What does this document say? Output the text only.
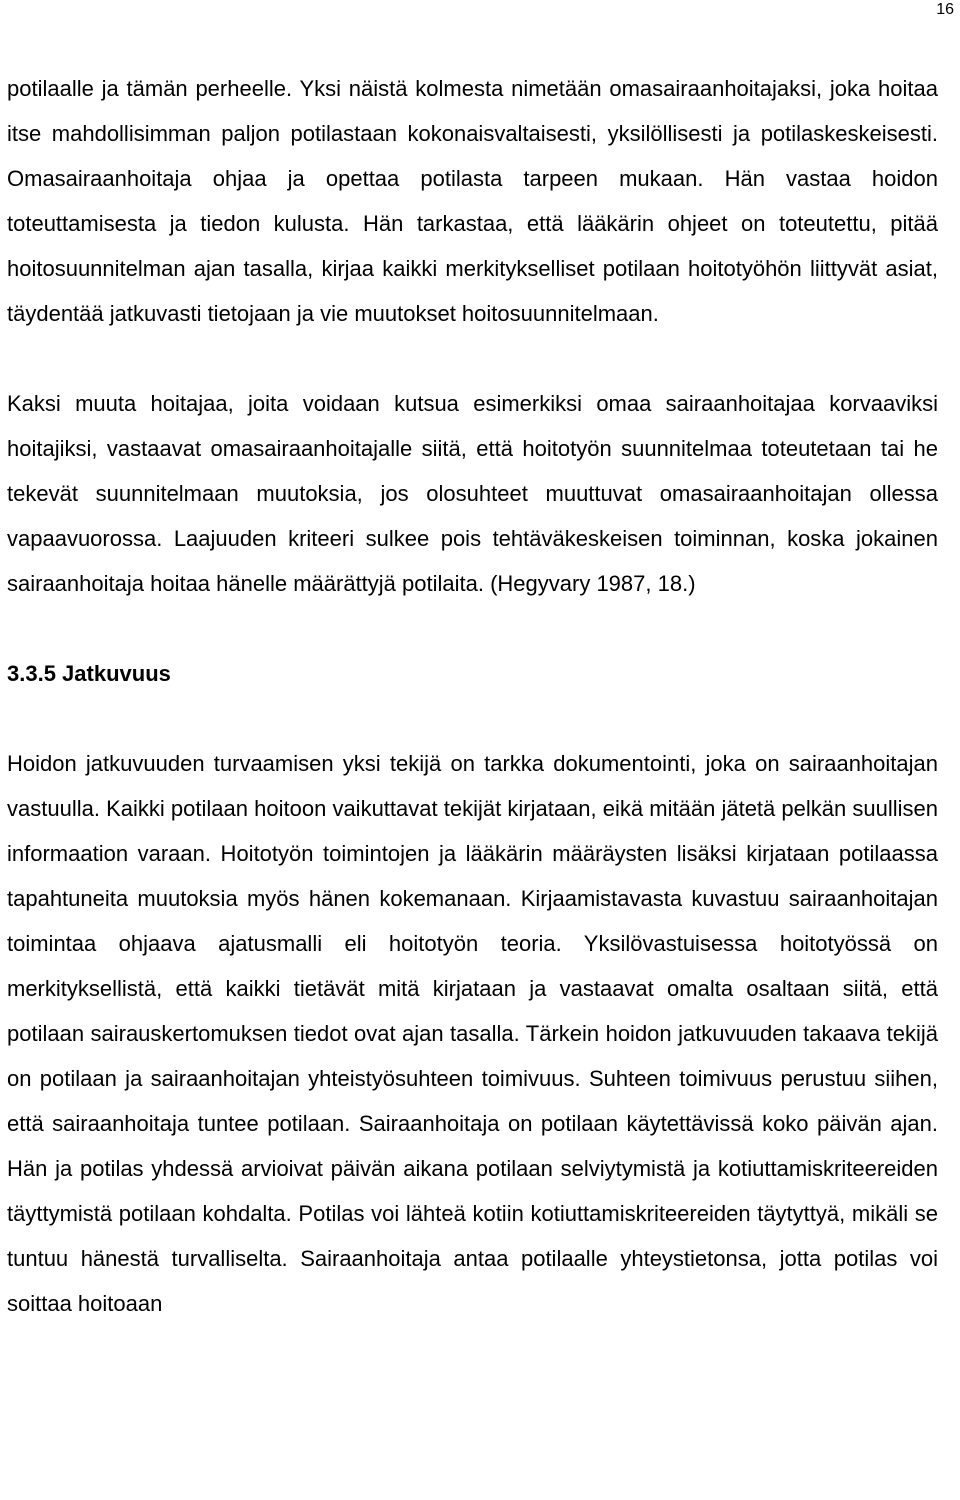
16

potilaalle ja tämän perheelle. Yksi näistä kolmesta nimetään omasairaanhoitajaksi, joka hoitaa itse mahdollisimman paljon potilastaan kokonaisvaltaisesti, yksilöllisesti ja potilaskeskeisesti. Omasairaanhoitaja ohjaa ja opettaa potilasta tarpeen mukaan. Hän vastaa hoidon toteuttamisesta ja tiedon kulusta. Hän tarkastaa, että lääkärin ohjeet on toteutettu, pitää hoitosuunnitelman ajan tasalla, kirjaa kaikki merkitykselliset potilaan hoitotyöhön liittyvät asiat, täydentää jatkuvasti tietojaan ja vie muutokset hoitosuunnitelmaan.

Kaksi muuta hoitajaa, joita voidaan kutsua esimerkiksi omaa sairaanhoitajaa korvaaviksi hoitajiksi, vastaavat omasairaanhoitajalle siitä, että hoitotyön suunnitelmaa toteutetaan tai he tekevät suunnitelmaan muutoksia, jos olosuhteet muuttuvat omasairaanhoitajan ollessa vapaavuorossa. Laajuuden kriteeri sulkee pois tehtäväkeskeisen toiminnan, koska jokainen sairaanhoitaja hoitaa hänelle määrättyjä potilaita. (Hegyvary 1987, 18.)

3.3.5 Jatkuvuus

Hoidon jatkuvuuden turvaamisen yksi tekijä on tarkka dokumentointi, joka on sairaanhoitajan vastuulla. Kaikki potilaan hoitoon vaikuttavat tekijät kirjataan, eikä mitään jätetä pelkän suullisen informaation varaan. Hoitotyön toimintojen ja lääkärin määräysten lisäksi kirjataan potilaassa tapahtuneita muutoksia myös hänen kokemanaan. Kirjaamistavasta kuvastuu sairaanhoitajan toimintaa ohjaava ajatusmalli eli hoitotyön teoria. Yksilövastuisessa hoitotyössä on merkityksellistä, että kaikki tietävät mitä kirjataan ja vastaavat omalta osaltaan siitä, että potilaan sairauskertomuksen tiedot ovat ajan tasalla. Tärkein hoidon jatkuvuuden takaava tekijä on potilaan ja sairaanhoitajan yhteistyösuhteen toimivuus. Suhteen toimivuus perustuu siihen, että sairaanhoitaja tuntee potilaan. Sairaanhoitaja on potilaan käytettävissä koko päivän ajan. Hän ja potilas yhdessä arvioivat päivän aikana potilaan selviytymistä ja kotiuttamiskriteereiden täyttymistä potilaan kohdalta. Potilas voi lähteä kotiin kotiuttamiskriteereiden täytyttyä, mikäli se tuntuu hänestä turvalliselta. Sairaanhoitaja antaa potilaalle yhteystietonsa, jotta potilas voi soittaa hoitoaan
